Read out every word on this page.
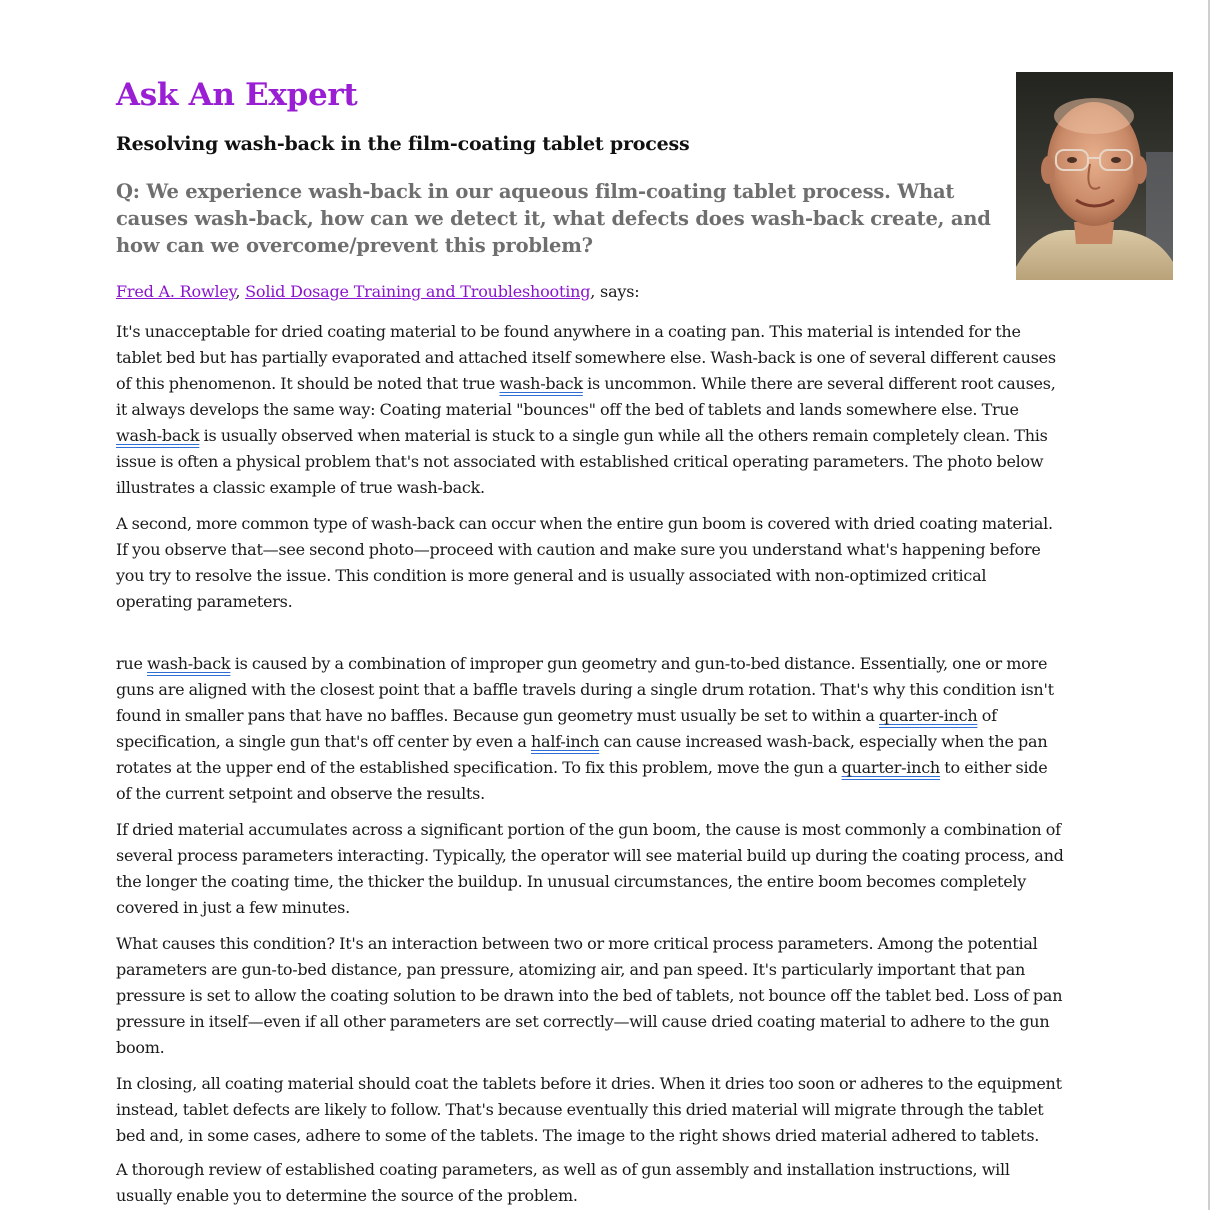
Ask An Expert
Resolving wash-back in the film-coating tablet process

Q: We experience wash-back in our aqueous film-coating tablet process. What causes wash-back, how can we detect it, what defects does wash-back create, and how can we overcome/prevent this problem?

Fred A. Rowley, Solid Dosage Training and Troubleshooting, says:

It's unacceptable for dried coating material to be found anywhere in a coating pan. This material is intended for the tablet bed but has partially evaporated and attached itself somewhere else. Wash-back is one of several different causes of this phenomenon. It should be noted that true wash-back is uncommon. While there are several different root causes, it always develops the same way: Coating material "bounces" off the bed of tablets and lands somewhere else. True wash-back is usually observed when material is stuck to a single gun while all the others remain completely clean. This issue is often a physical problem that's not associated with established critical operating parameters. The photo below illustrates a classic example of true wash-back.

A second, more common type of wash-back can occur when the entire gun boom is covered with dried coating material. If you observe that—see second photo—proceed with caution and make sure you understand what's happening before you try to resolve the issue. This condition is more general and is usually associated with non-optimized critical operating parameters.

rue wash-back is caused by a combination of improper gun geometry and gun-to-bed distance. Essentially, one or more guns are aligned with the closest point that a baffle travels during a single drum rotation. That's why this condition isn't found in smaller pans that have no baffles. Because gun geometry must usually be set to within a quarter-inch of specification, a single gun that's off center by even a half-inch can cause increased wash-back, especially when the pan rotates at the upper end of the established specification. To fix this problem, move the gun a quarter-inch to either side of the current setpoint and observe the results.

If dried material accumulates across a significant portion of the gun boom, the cause is most commonly a combination of several process parameters interacting. Typically, the operator will see material build up during the coating process, and the longer the coating time, the thicker the buildup. In unusual circumstances, the entire boom becomes completely covered in just a few minutes.

What causes this condition? It's an interaction between two or more critical process parameters. Among the potential parameters are gun-to-bed distance, pan pressure, atomizing air, and pan speed. It's particularly important that pan pressure is set to allow the coating solution to be drawn into the bed of tablets, not bounce off the tablet bed. Loss of pan pressure in itself—even if all other parameters are set correctly—will cause dried coating material to adhere to the gun boom.

In closing, all coating material should coat the tablets before it dries. When it dries too soon or adheres to the equipment instead, tablet defects are likely to follow. That's because eventually this dried material will migrate through the tablet bed and, in some cases, adhere to some of the tablets. The image to the right shows dried material adhered to tablets.

A thorough review of established coating parameters, as well as of gun assembly and installation instructions, will usually enable you to determine the source of the problem.
